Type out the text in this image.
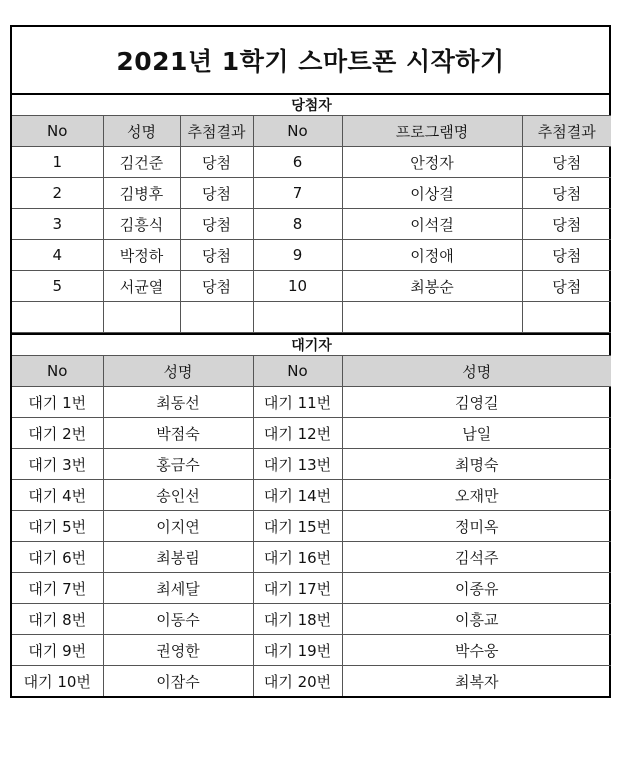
2021년 1학기 스마트폰 시작하기
당첨자					
No	성명	추첨결과	No	프로그램명	추첨결과
1	김건준	당첨	6	안정자	당첨
2	김병후	당첨	7	이상걸	당첨
3	김흥식	당첨	8	이석걸	당첨
4	박정하	당첨	9	이정애	당첨
5	서균열	당첨	10	최봉순	당첨

대기자			
No	성명	No	성명
대기 1번	최동선	대기 11번	김영길
대기 2번	박점숙	대기 12번	남일
대기 3번	홍금수	대기 13번	최명숙
대기 4번	송인선	대기 14번	오재만
대기 5번	이지연	대기 15번	정미옥
대기 6번	최봉림	대기 16번	김석주
대기 7번	최세달	대기 17번	이종유
대기 8번	이동수	대기 18번	이흥교
대기 9번	권영한	대기 19번	박수웅
대기 10번	이잠수	대기 20번	최복자
